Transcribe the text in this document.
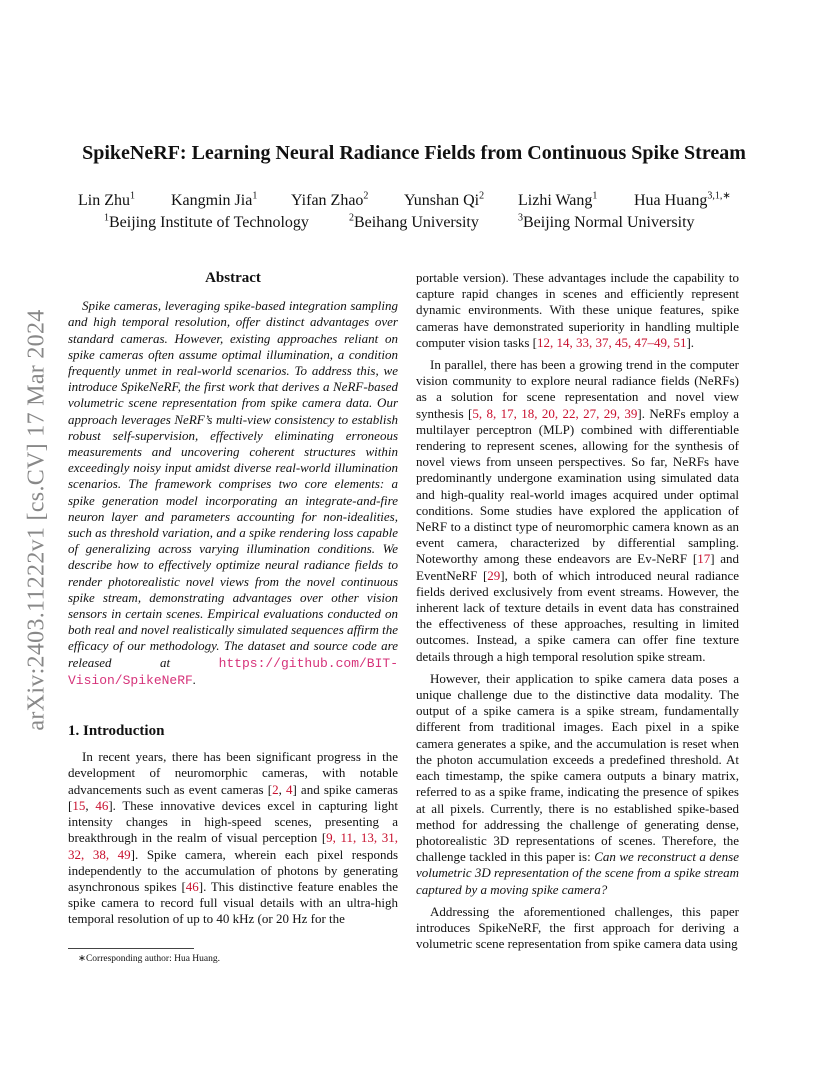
arXiv:2403.11222v1 [cs.CV] 17 Mar 2024
SpikeNeRF: Learning Neural Radiance Fields from Continuous Spike Stream
Lin Zhu$^1$ Kangmin Jia$^1$ Yifan Zhao$^2$ Yunshan Qi$^2$ Lizhi Wang$^1$ Hua Huang$^{3,1,∗}$
$^1$Beijing Institute of Technology	$^2$Beihang University	$^3$Beijing Normal University
Abstract

Spike cameras, leveraging spike-based integration sampling and high temporal resolution, offer distinct advantages over standard cameras. However, existing approaches reliant on spike cameras often assume optimal illumination, a condition frequently unmet in real-world scenarios. To address this, we introduce SpikeNeRF, the first work that derives a NeRF-based volumetric scene representation from spike camera data. Our approach leverages NeRF’s multi-view consistency to establish robust self-supervision, effectively eliminating erroneous measurements and uncovering coherent structures within exceedingly noisy input amidst diverse real-world illumination scenarios. The framework comprises two core elements: a spike generation model incorporating an integrate-and-fire neuron layer and parameters accounting for non-idealities, such as threshold variation, and a spike rendering loss capable of generalizing across varying illumination conditions. We describe how to effectively optimize neural radiance fields to render photorealistic novel views from the novel continuous spike stream, demonstrating advantages over other vision sensors in certain scenes. Empirical evaluations conducted on both real and novel realistically simulated sequences affirm the efficacy of our methodology. The dataset and source code are released at	https://github.com/BIT-Vision/SpikeNeRF.

1. Introduction

In recent years, there has been significant progress in the development of neuromorphic cameras, with notable advancements such as event cameras [2, 4] and spike cameras [15, 46]. These innovative devices excel in capturing light intensity changes in high-speed scenes, presenting a breakthrough in the realm of visual perception [9, 11, 13, 31, 32, 38, 49]. Spike camera, wherein each pixel responds independently to the accumulation of photons by generating asynchronous spikes [46]. This distinctive feature enables the spike camera to record full visual details with an ultra-high temporal resolution of up to 40 kHz (or 20 Hz for the

portable version). These advantages include the capability to capture rapid changes in scenes and efficiently represent dynamic environments. With these unique features, spike cameras have demonstrated superiority in handling multiple computer vision tasks [12, 14, 33, 37, 45, 47–49, 51].

In parallel, there has been a growing trend in the computer vision community to explore neural radiance fields (NeRFs) as a solution for scene representation and novel view synthesis [5, 8, 17, 18, 20, 22, 27, 29, 39]. NeRFs employ a multilayer perceptron (MLP) combined with differentiable rendering to represent scenes, allowing for the synthesis of novel views from unseen perspectives. So far, NeRFs have predominantly undergone examination using simulated data and high-quality real-world images acquired under optimal conditions. Some studies have explored the application of NeRF to a distinct type of neuromorphic camera known as an event camera, characterized by differential sampling. Noteworthy among these endeavors are Ev-NeRF [17] and EventNeRF [29], both of which introduced neural radiance fields derived exclusively from event streams. However, the inherent lack of texture details in event data has constrained the effectiveness of these approaches, resulting in limited outcomes. Instead, a spike camera can offer fine texture details through a high temporal resolution spike stream.

However, their application to spike camera data poses a unique challenge due to the distinctive data modality. The output of a spike camera is a spike stream, fundamentally different from traditional images. Each pixel in a spike camera generates a spike, and the accumulation is reset when the photon accumulation exceeds a predefined threshold. At each timestamp, the spike camera outputs a binary matrix, referred to as a spike frame, indicating the presence of spikes at all pixels. Currently, there is no established spike-based method for addressing the challenge of generating dense, photorealistic 3D representations of scenes. Therefore, the challenge tackled in this paper is: Can we reconstruct a dense volumetric 3D representation of the scene from a spike stream captured by a moving spike camera?

Addressing the aforementioned challenges, this paper introduces SpikeNeRF, the first approach for deriving a volumetric scene representation from spike camera data using

∗Corresponding author: Hua Huang.
